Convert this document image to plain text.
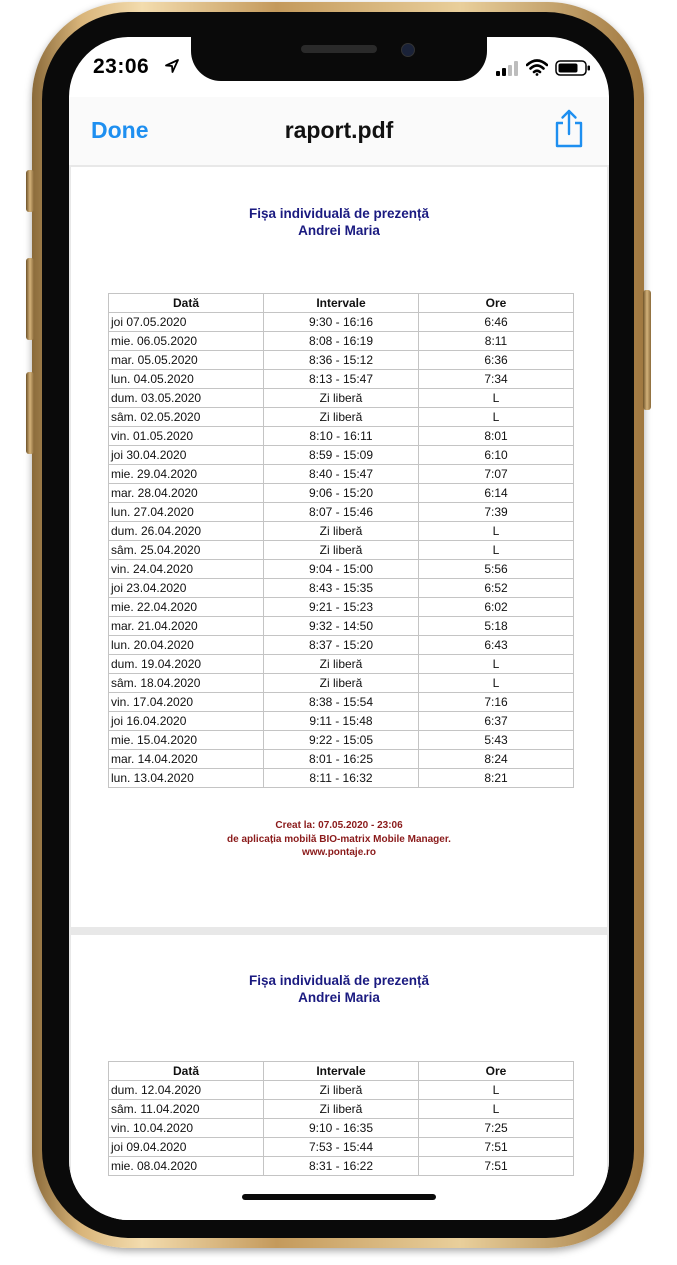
23:06
Done	raport.pdf
Fișa individuală de prezență
Andrei Maria
Dată	Intervale	Ore
joi 07.05.2020	9:30 - 16:16	6:46
mie. 06.05.2020	8:08 - 16:19	8:11
mar. 05.05.2020	8:36 - 15:12	6:36
lun. 04.05.2020	8:13 - 15:47	7:34
dum. 03.05.2020	Zi liberă	L
sâm. 02.05.2020	Zi liberă	L
vin. 01.05.2020	8:10 - 16:11	8:01
joi 30.04.2020	8:59 - 15:09	6:10
mie. 29.04.2020	8:40 - 15:47	7:07
mar. 28.04.2020	9:06 - 15:20	6:14
lun. 27.04.2020	8:07 - 15:46	7:39
dum. 26.04.2020	Zi liberă	L
sâm. 25.04.2020	Zi liberă	L
vin. 24.04.2020	9:04 - 15:00	5:56
joi 23.04.2020	8:43 - 15:35	6:52
mie. 22.04.2020	9:21 - 15:23	6:02
mar. 21.04.2020	9:32 - 14:50	5:18
lun. 20.04.2020	8:37 - 15:20	6:43
dum. 19.04.2020	Zi liberă	L
sâm. 18.04.2020	Zi liberă	L
vin. 17.04.2020	8:38 - 15:54	7:16
joi 16.04.2020	9:11 - 15:48	6:37
mie. 15.04.2020	9:22 - 15:05	5:43
mar. 14.04.2020	8:01 - 16:25	8:24
lun. 13.04.2020	8:11 - 16:32	8:21
Creat la: 07.05.2020 - 23:06
de aplicația mobilă BIO-matrix Mobile Manager.
www.pontaje.ro
Fișa individuală de prezență
Andrei Maria
Dată	Intervale	Ore
dum. 12.04.2020	Zi liberă	L
sâm. 11.04.2020	Zi liberă	L
vin. 10.04.2020	9:10 - 16:35	7:25
joi 09.04.2020	7:53 - 15:44	7:51
mie. 08.04.2020	8:31 - 16:22	7:51
